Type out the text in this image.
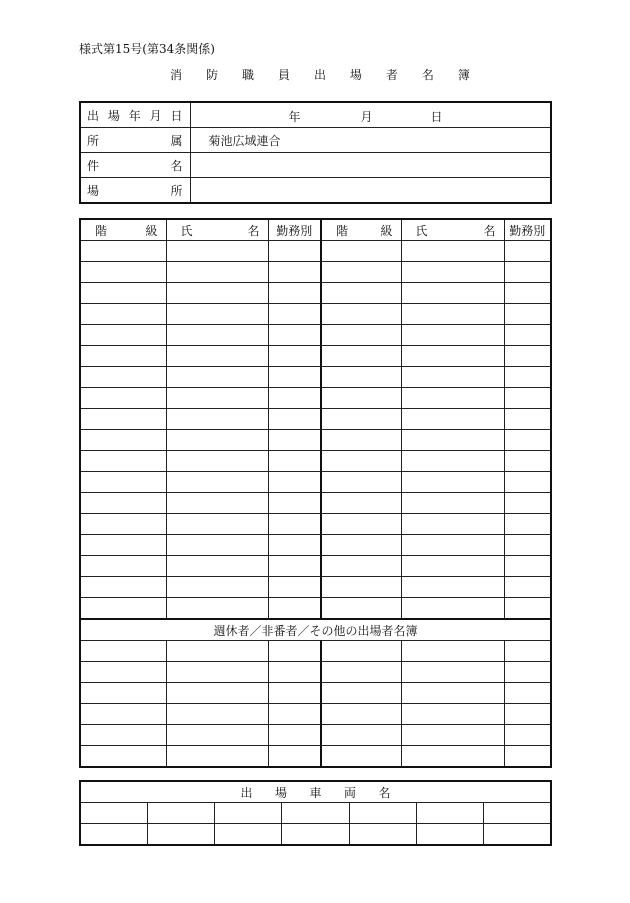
様式第15号(第34条関係)
消 防 職 員 出 場 者 名 簿
出 場 年 月 日	年 月 日

所 属	菊池広域連合

件 名	

場 所	

階 級	氏 名	勤務別	階 級	氏 名	勤務別

週休者／非番者／その他の出場者名簿					

出 場 車 両 名						
